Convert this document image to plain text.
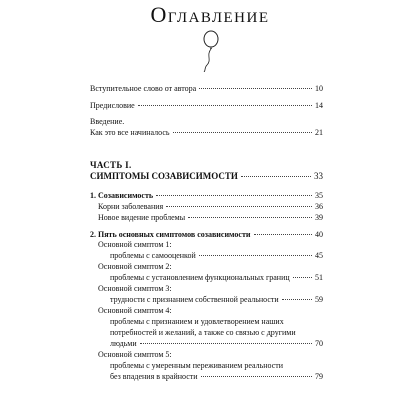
Оглавление
Вступительное слово от автора	10
Предисловие	14
Введение.
Как это все начиналось	21
ЧАСТЬ I.
СИМПТОМЫ СОЗАВИСИМОСТИ	33
1. Созависимость	35
Корни заболевания	36
Новое видение проблемы	39
2. Пять основных симптомов созависимости	40
Основной симптом 1:
проблемы с самооценкой	45
Основной симптом 2:
проблемы с установлением функциональных границ	51
Основной симптом 3:
трудности с признанием собственной реальности	59
Основной симптом 4:
проблемы с признанием и удовлетворением наших
потребностей и желаний, а также со связью с другими
людьми	70
Основной симптом 5:
проблемы с умеренным переживанием реальности
без впадения в крайности	79
